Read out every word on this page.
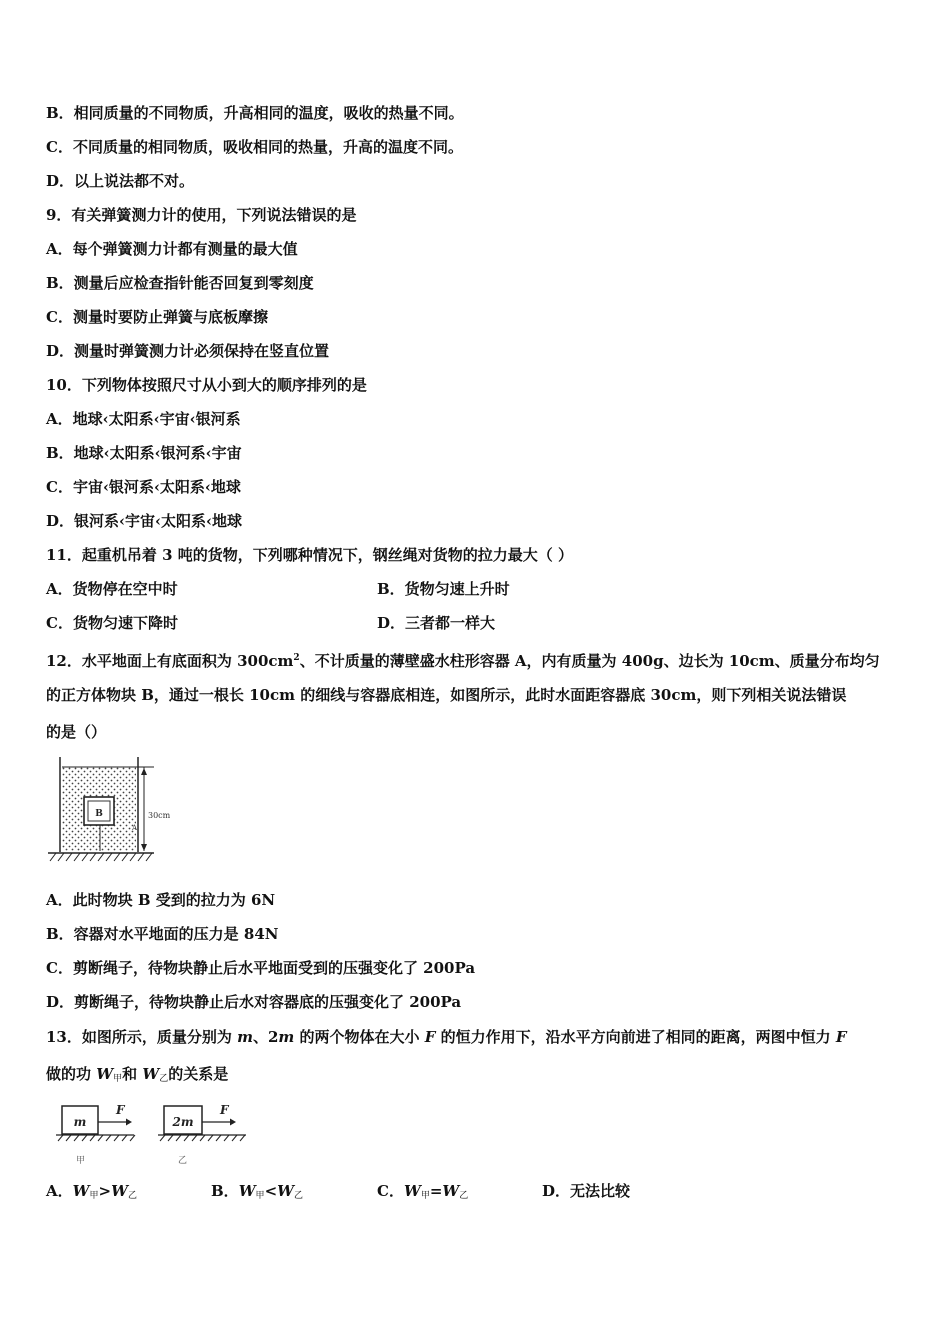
B．相同质量的不同物质，升高相同的温度，吸收的热量不同。
C．不同质量的相同物质，吸收相同的热量，升高的温度不同。
D．以上说法都不对。
9．有关弹簧测力计的使用，下列说法错误的是
A．每个弹簧测力计都有测量的最大值
B．测量后应检查指针能否回复到零刻度
C．测量时要防止弹簧与底板摩擦
D．测量时弹簧测力计必须保持在竖直位置
10．下列物体按照尺寸从小到大的顺序排列的是
A．地球‹太阳系‹宇宙‹银河系
B．地球‹太阳系‹银河系‹宇宙
C．宇宙‹银河系‹太阳系‹地球
D．银河系‹宇宙‹太阳系‹地球
11．起重机吊着 3 吨的货物，下列哪种情况下，钢丝绳对货物的拉力最大（ ）
A．货物停在空中时	B．货物匀速上升时
C．货物匀速下降时	D．三者都一样大
12．水平地面上有底面积为 $300cm^2$、不计质量的薄壁盛水柱形容器 A，内有质量为 400g、边长为 10cm、质量分布均匀
的正方体物块 B，通过一根长 10cm 的细线与容器底相连，如图所示，此时水面距容器底 30cm，则下列相关说法错误
的是（）
B	30cm
A
A．此时物块 B 受到的拉力为 6N
B．容器对水平地面的压力是 84N
C．剪断绳子，待物块静止后水平地面受到的压强变化了 200Pa
D．剪断绳子，待物块静止后水对容器底的压强变化了 200Pa
13．如图所示，质量分别为 m、2m 的两个物体在大小 F 的恒力作用下，沿水平方向前进了相同的距离，两图中恒力 F
做的功 $W_甲$和 $W_乙$的关系是
m
F
甲
2m
F
乙
A．$W_甲>W_乙$	B．$W_甲<W_乙$	C．$W_甲=W_乙$	D．无法比较
